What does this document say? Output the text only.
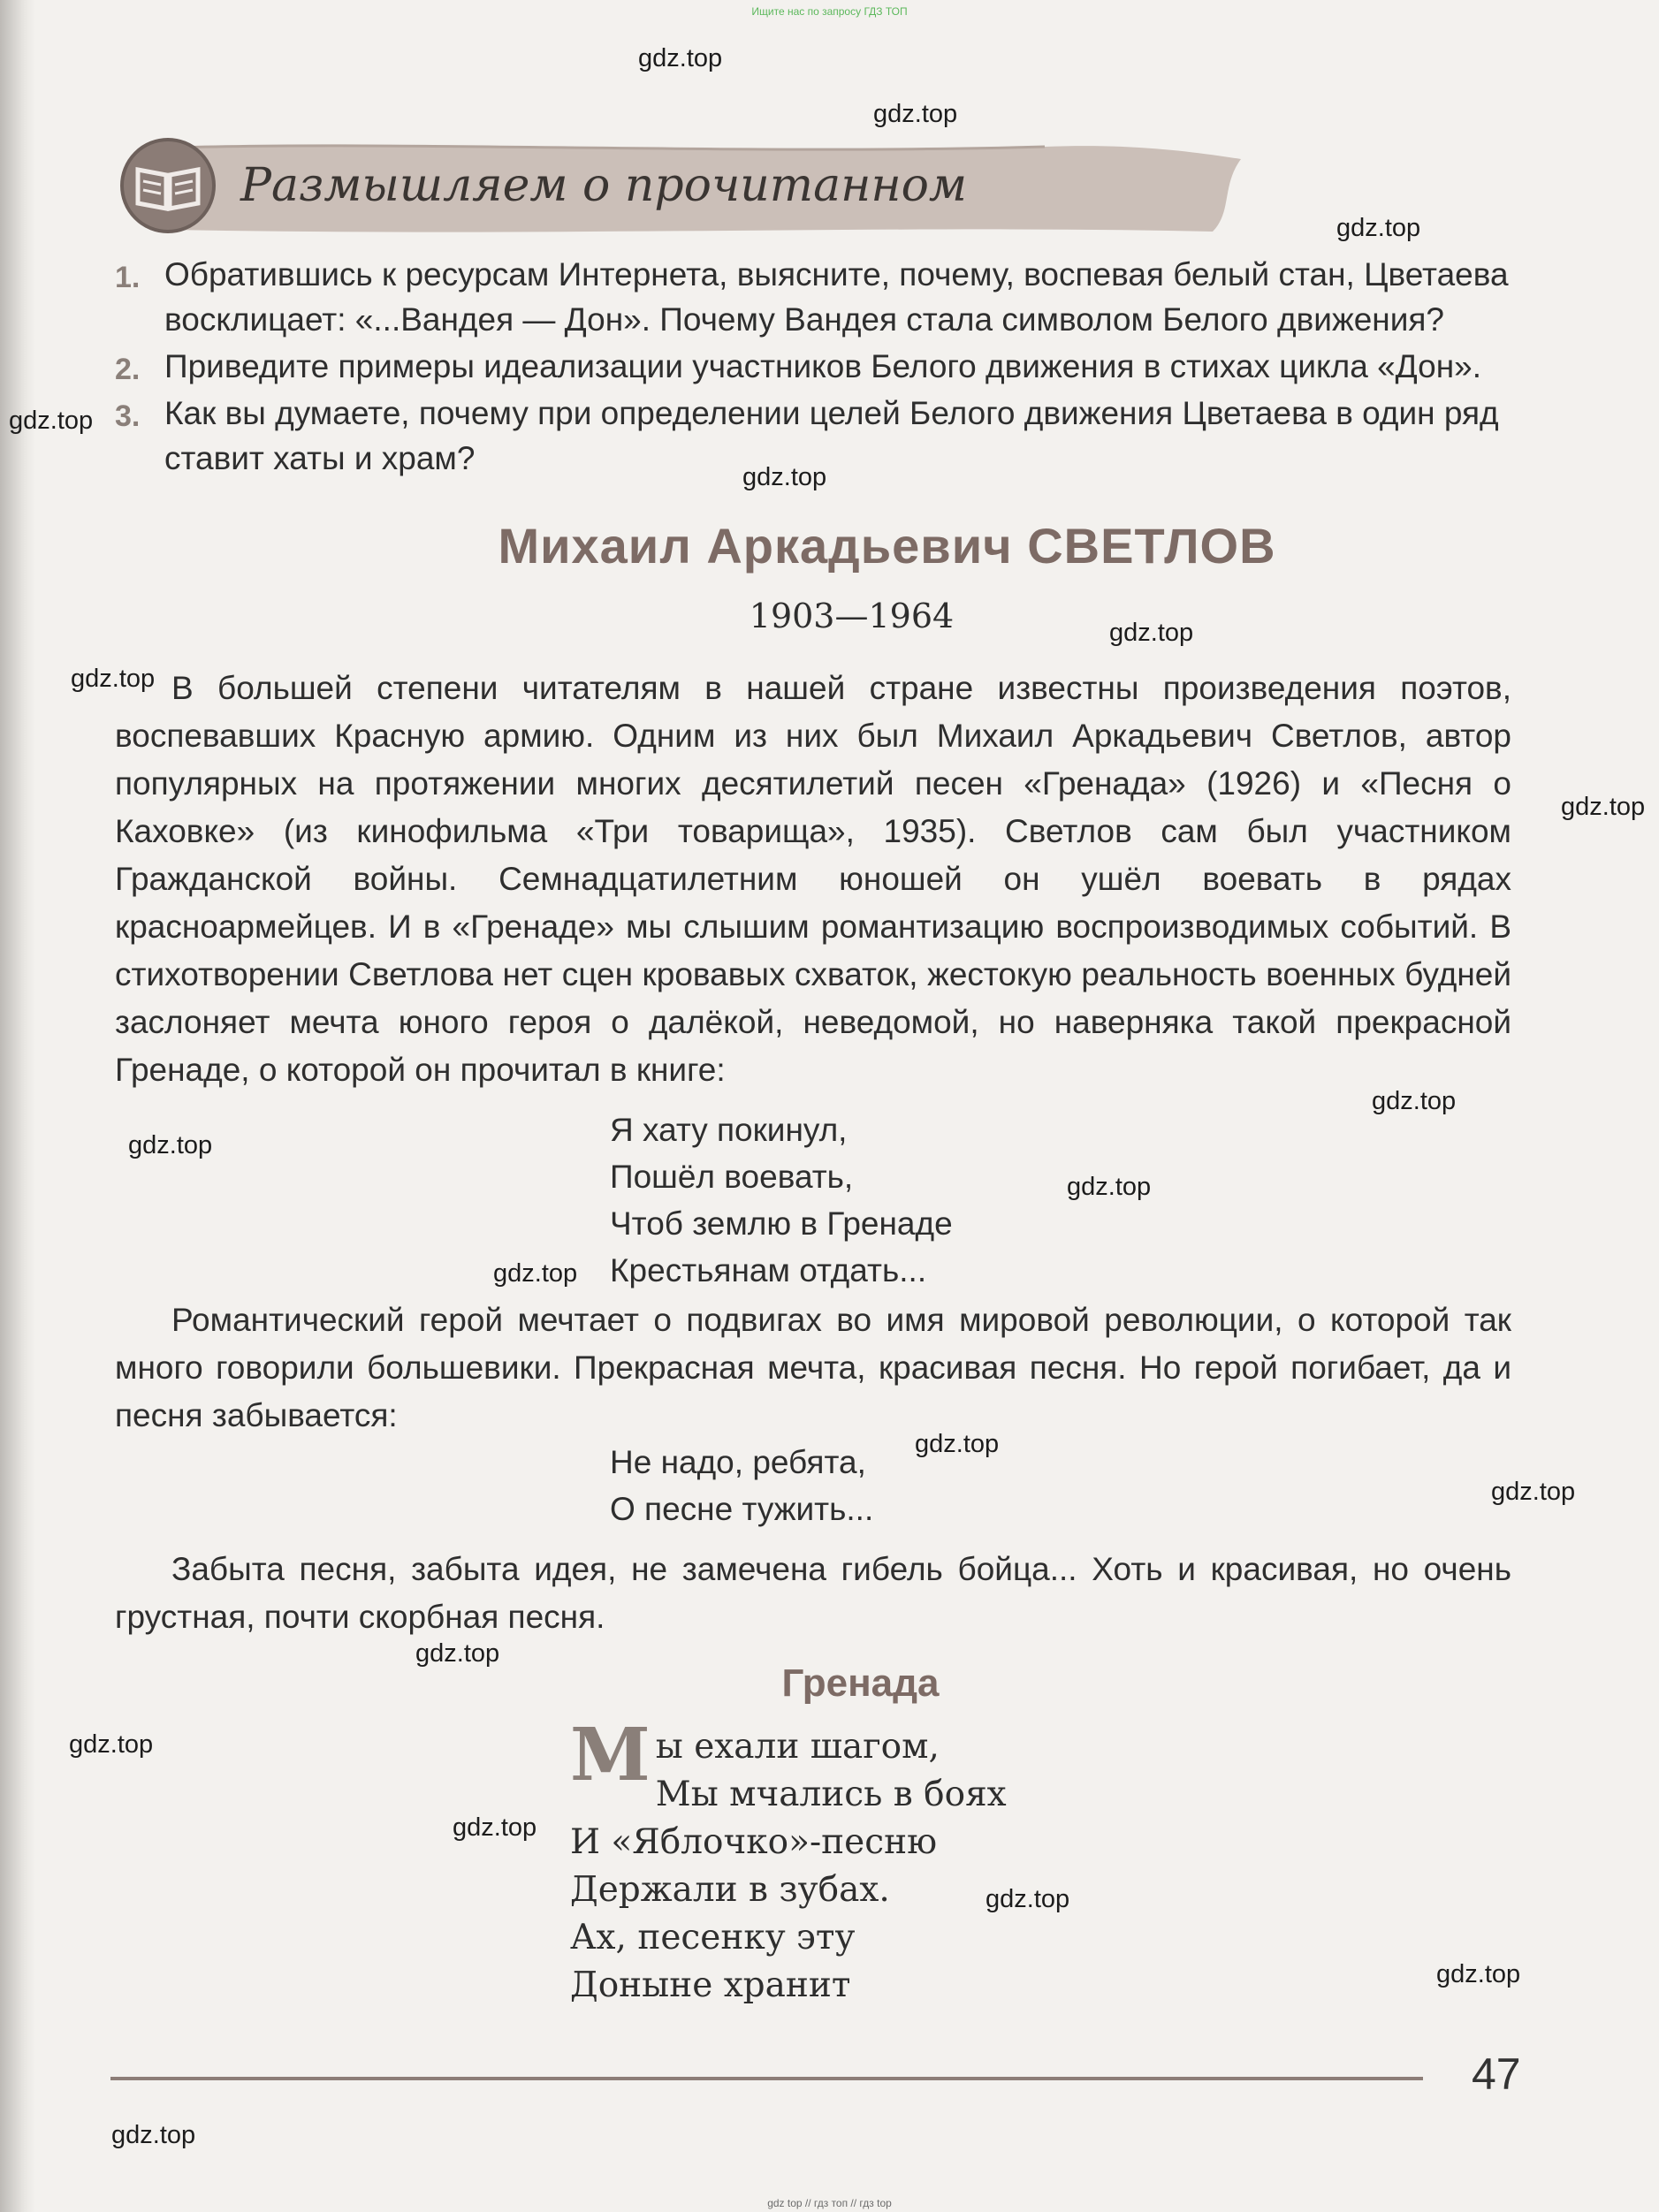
Ищите нас по запросу ГДЗ ТОП
Размышляем о прочитанном
1. Обратившись к ресурсам Интернета, выясните, почему, воспевая белый стан, Цветаева восклицает: «...Вандея — Дон». Почему Вандея стала символом Белого движения?
2. Приведите примеры идеализации участников Белого движения в стихах цикла «Дон».
3. Как вы думаете, почему при определении целей Белого движения Цветаева в один ряд ставит хаты и храм?
Михаил Аркадьевич СВЕТЛОВ
1903—1964
В большей степени читателям в нашей стране известны произведения поэтов, воспевавших Красную армию. Одним из них был Михаил Аркадьевич Светлов, автор популярных на протяжении многих десятилетий песен «Гренада» (1926) и «Песня о Каховке» (из кинофильма «Три товарища», 1935). Светлов сам был участником Гражданской войны. Семнадцатилетним юношей он ушёл воевать в рядах красноармейцев. И в «Гренаде» мы слышим романтизацию воспроизводимых событий. В стихотворении Светлова нет сцен кровавых схваток, жестокую реальность военных будней заслоняет мечта юного героя о далёкой, неведомой, но наверняка такой прекрасной Гренаде, о которой он прочитал в книге:
Я хату покинул,
Пошёл воевать,
Чтоб землю в Гренаде
Крестьянам отдать...
Романтический герой мечтает о подвигах во имя мировой революции, о которой так много говорили большевики. Прекрасная мечта, красивая песня. Но герой погибает, да и песня забывается:
Не надо, ребята,
О песне тужить...
Забыта песня, забыта идея, не замечена гибель бойца... Хоть и красивая, но очень грустная, почти скорбная песня.
Гренада
Мы ехали шагом,
Мы мчались в боях
И «Яблочко»-песню
Держали в зубах.
Ах, песенку эту
Доныне хранит
47
gdz.top
gdz.top
gdz.top
gdz.top
gdz.top
gdz.top
gdz.top
gdz.top
gdz.top
gdz.top
gdz.top
gdz.top
gdz.top
gdz.top
gdz.top
gdz.top
gdz.top
gdz.top
gdz.top
gdz.top
gdz top // гдз топ // гдз top
